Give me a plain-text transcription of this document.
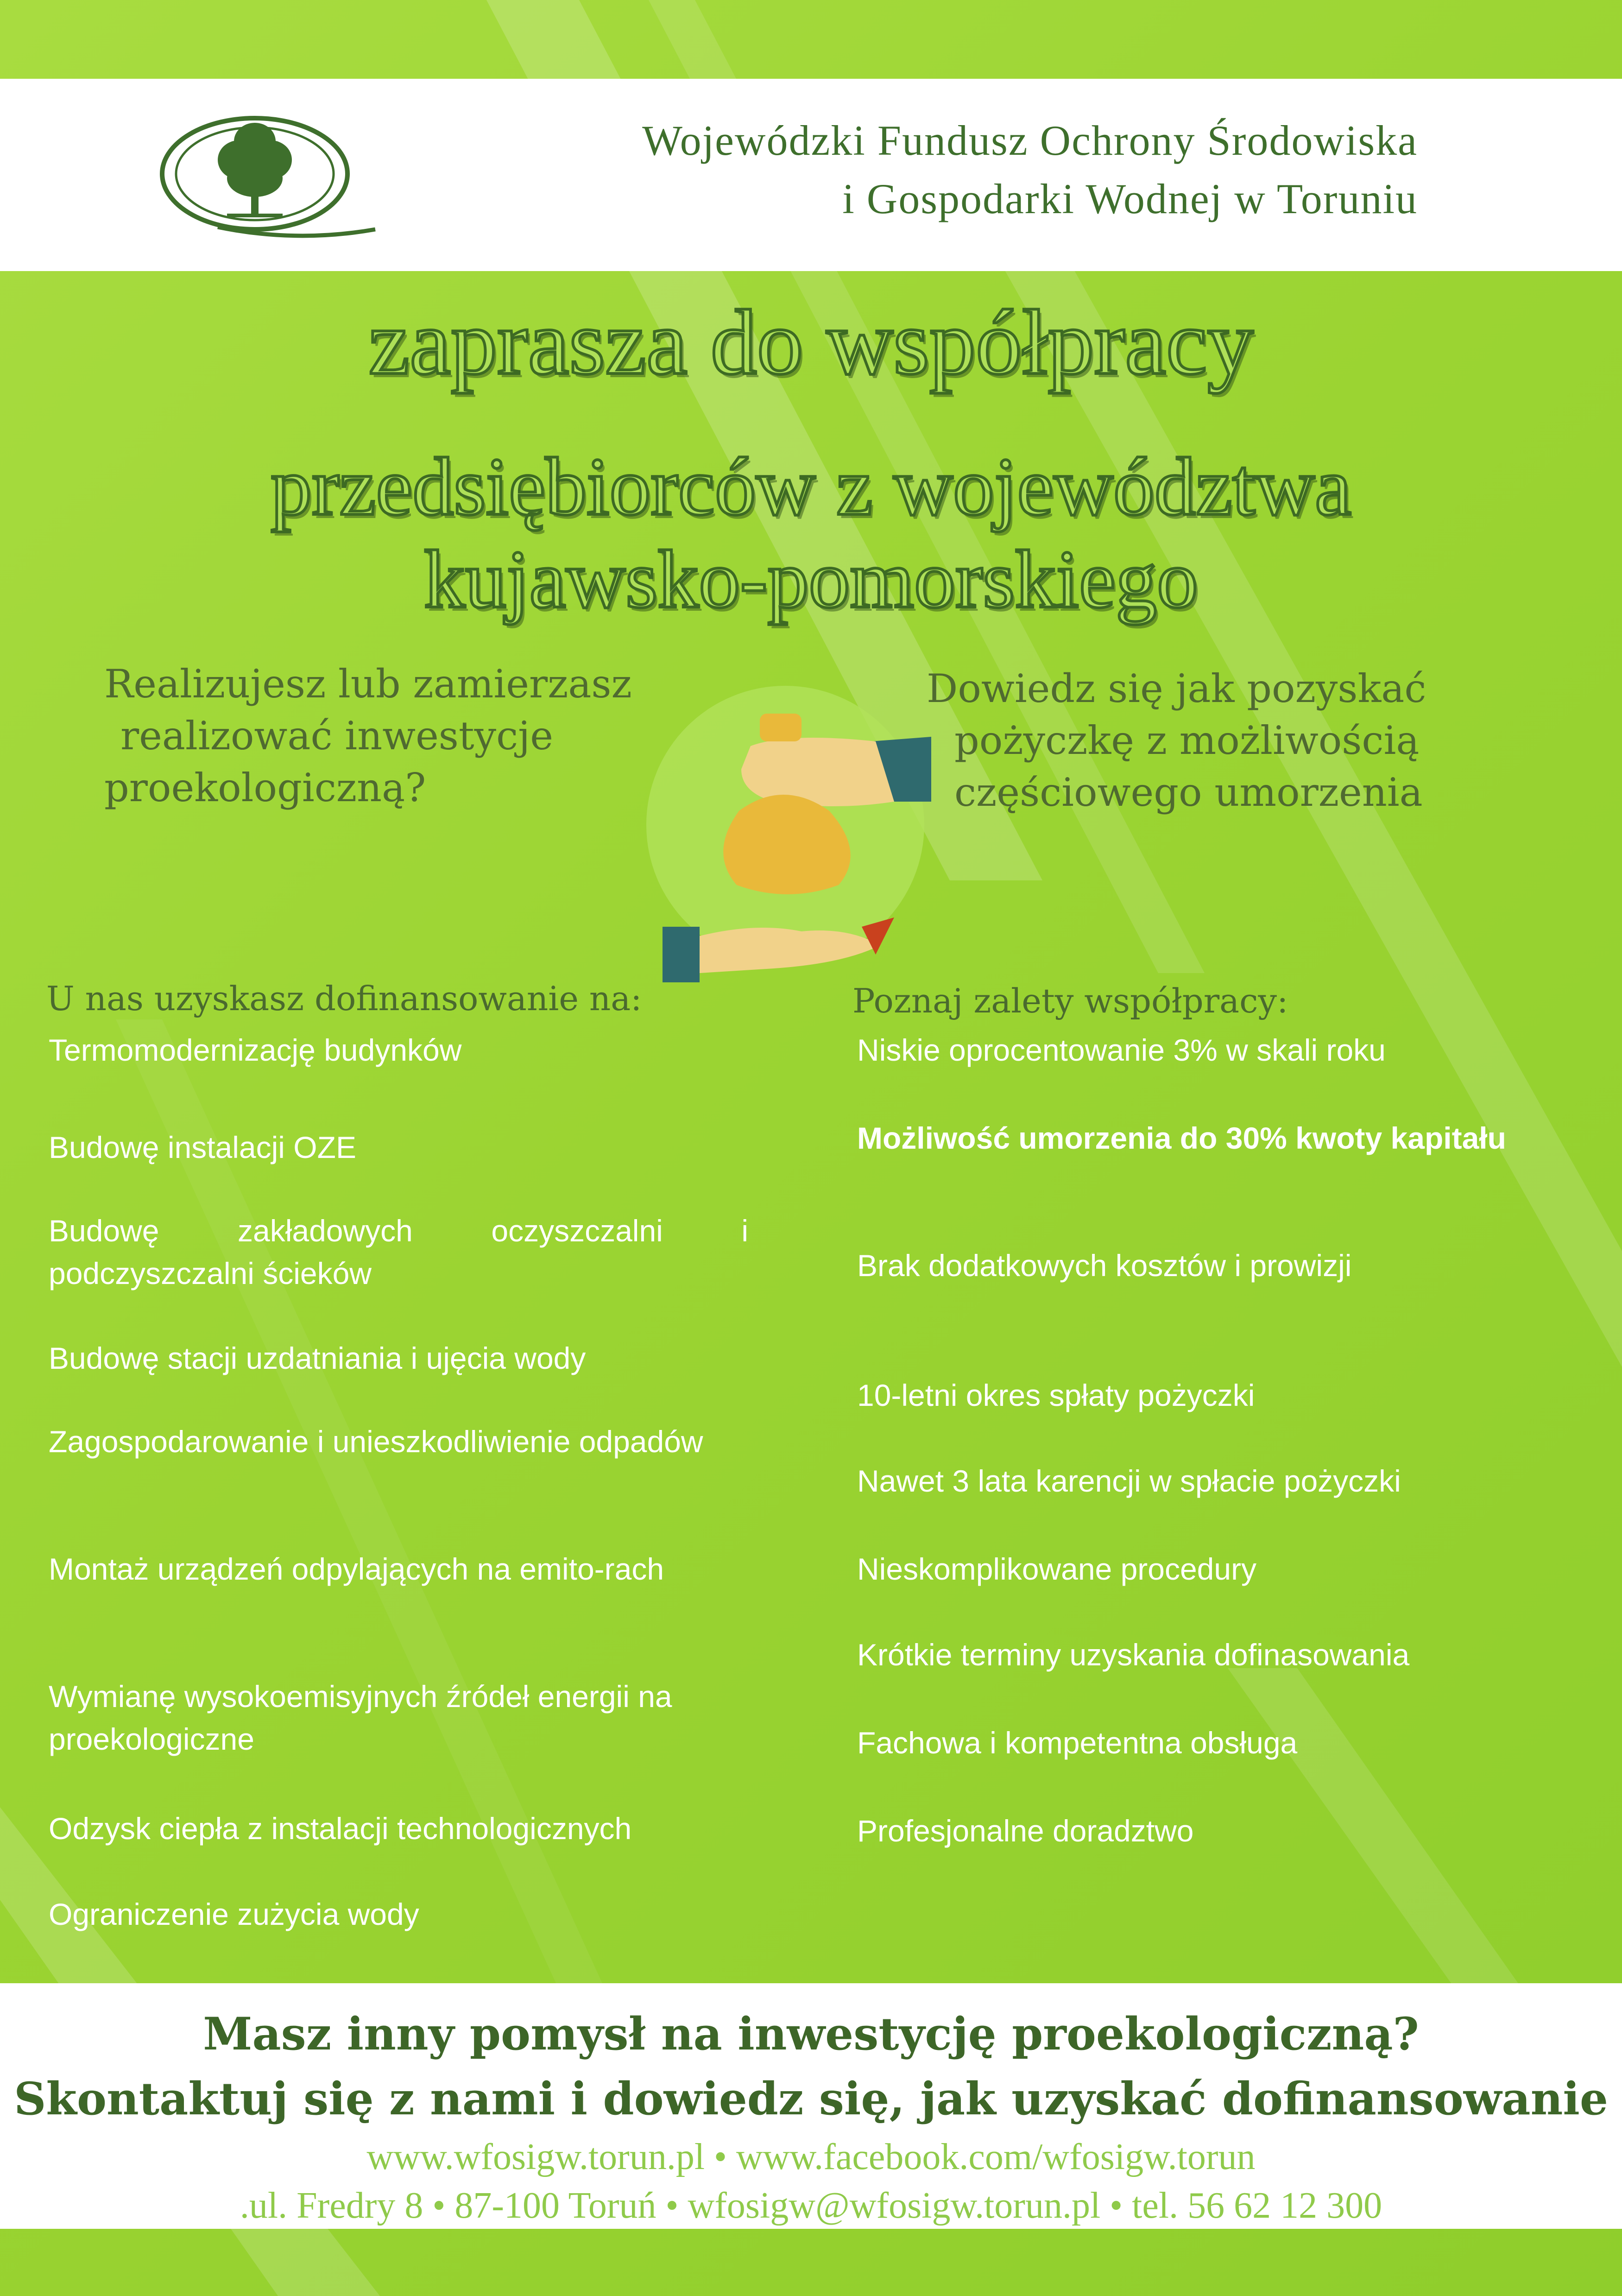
Wojewódzki Fundusz Ochrony Środowiska
i Gospodarki Wodnej w Toruniu
zaprasza do współpracy
przedsiębiorców z województwa
kujawsko-pomorskiego
Realizujesz lub zamierzasz
realizować inwestycje
proekologiczną?
Dowiedz się jak pozyskać
pożyczkę z możliwością
częściowego umorzenia
U nas uzyskasz dofinansowanie na:	Poznaj zalety współpracy:
Termomodernizację budynków
Budowę instalacji OZE
Budowę zakładowych oczyszczalni i podczyszczalni ścieków
Budowę stacji uzdatniania i ujęcia wody
Zagospodarowanie i unieszkodliwienie odpadów
Montaż urządzeń odpylających na emito-rach
Wymianę wysokoemisyjnych źródeł energii na proekologiczne
Odzysk ciepła z instalacji technologicznych
Ograniczenie zużycia wody
Niskie oprocentowanie 3% w skali roku
Możliwość umorzenia do 30% kwoty kapitału
Brak dodatkowych kosztów i prowizji
10-letni okres spłaty pożyczki
Nawet 3 lata karencji w spłacie pożyczki
Nieskomplikowane procedury
Krótkie terminy uzyskania dofinasowania
Fachowa i kompetentna obsługa
Profesjonalne doradztwo
Masz inny pomysł na inwestycję proekologiczną?
Skontaktuj się z nami i dowiedz się, jak uzyskać dofinansowanie
www.wfosigw.torun.pl • www.facebook.com/wfosigw.torun
.ul. Fredry 8 • 87-100 Toruń • wfosigw@wfosigw.torun.pl • tel. 56 62 12 300
